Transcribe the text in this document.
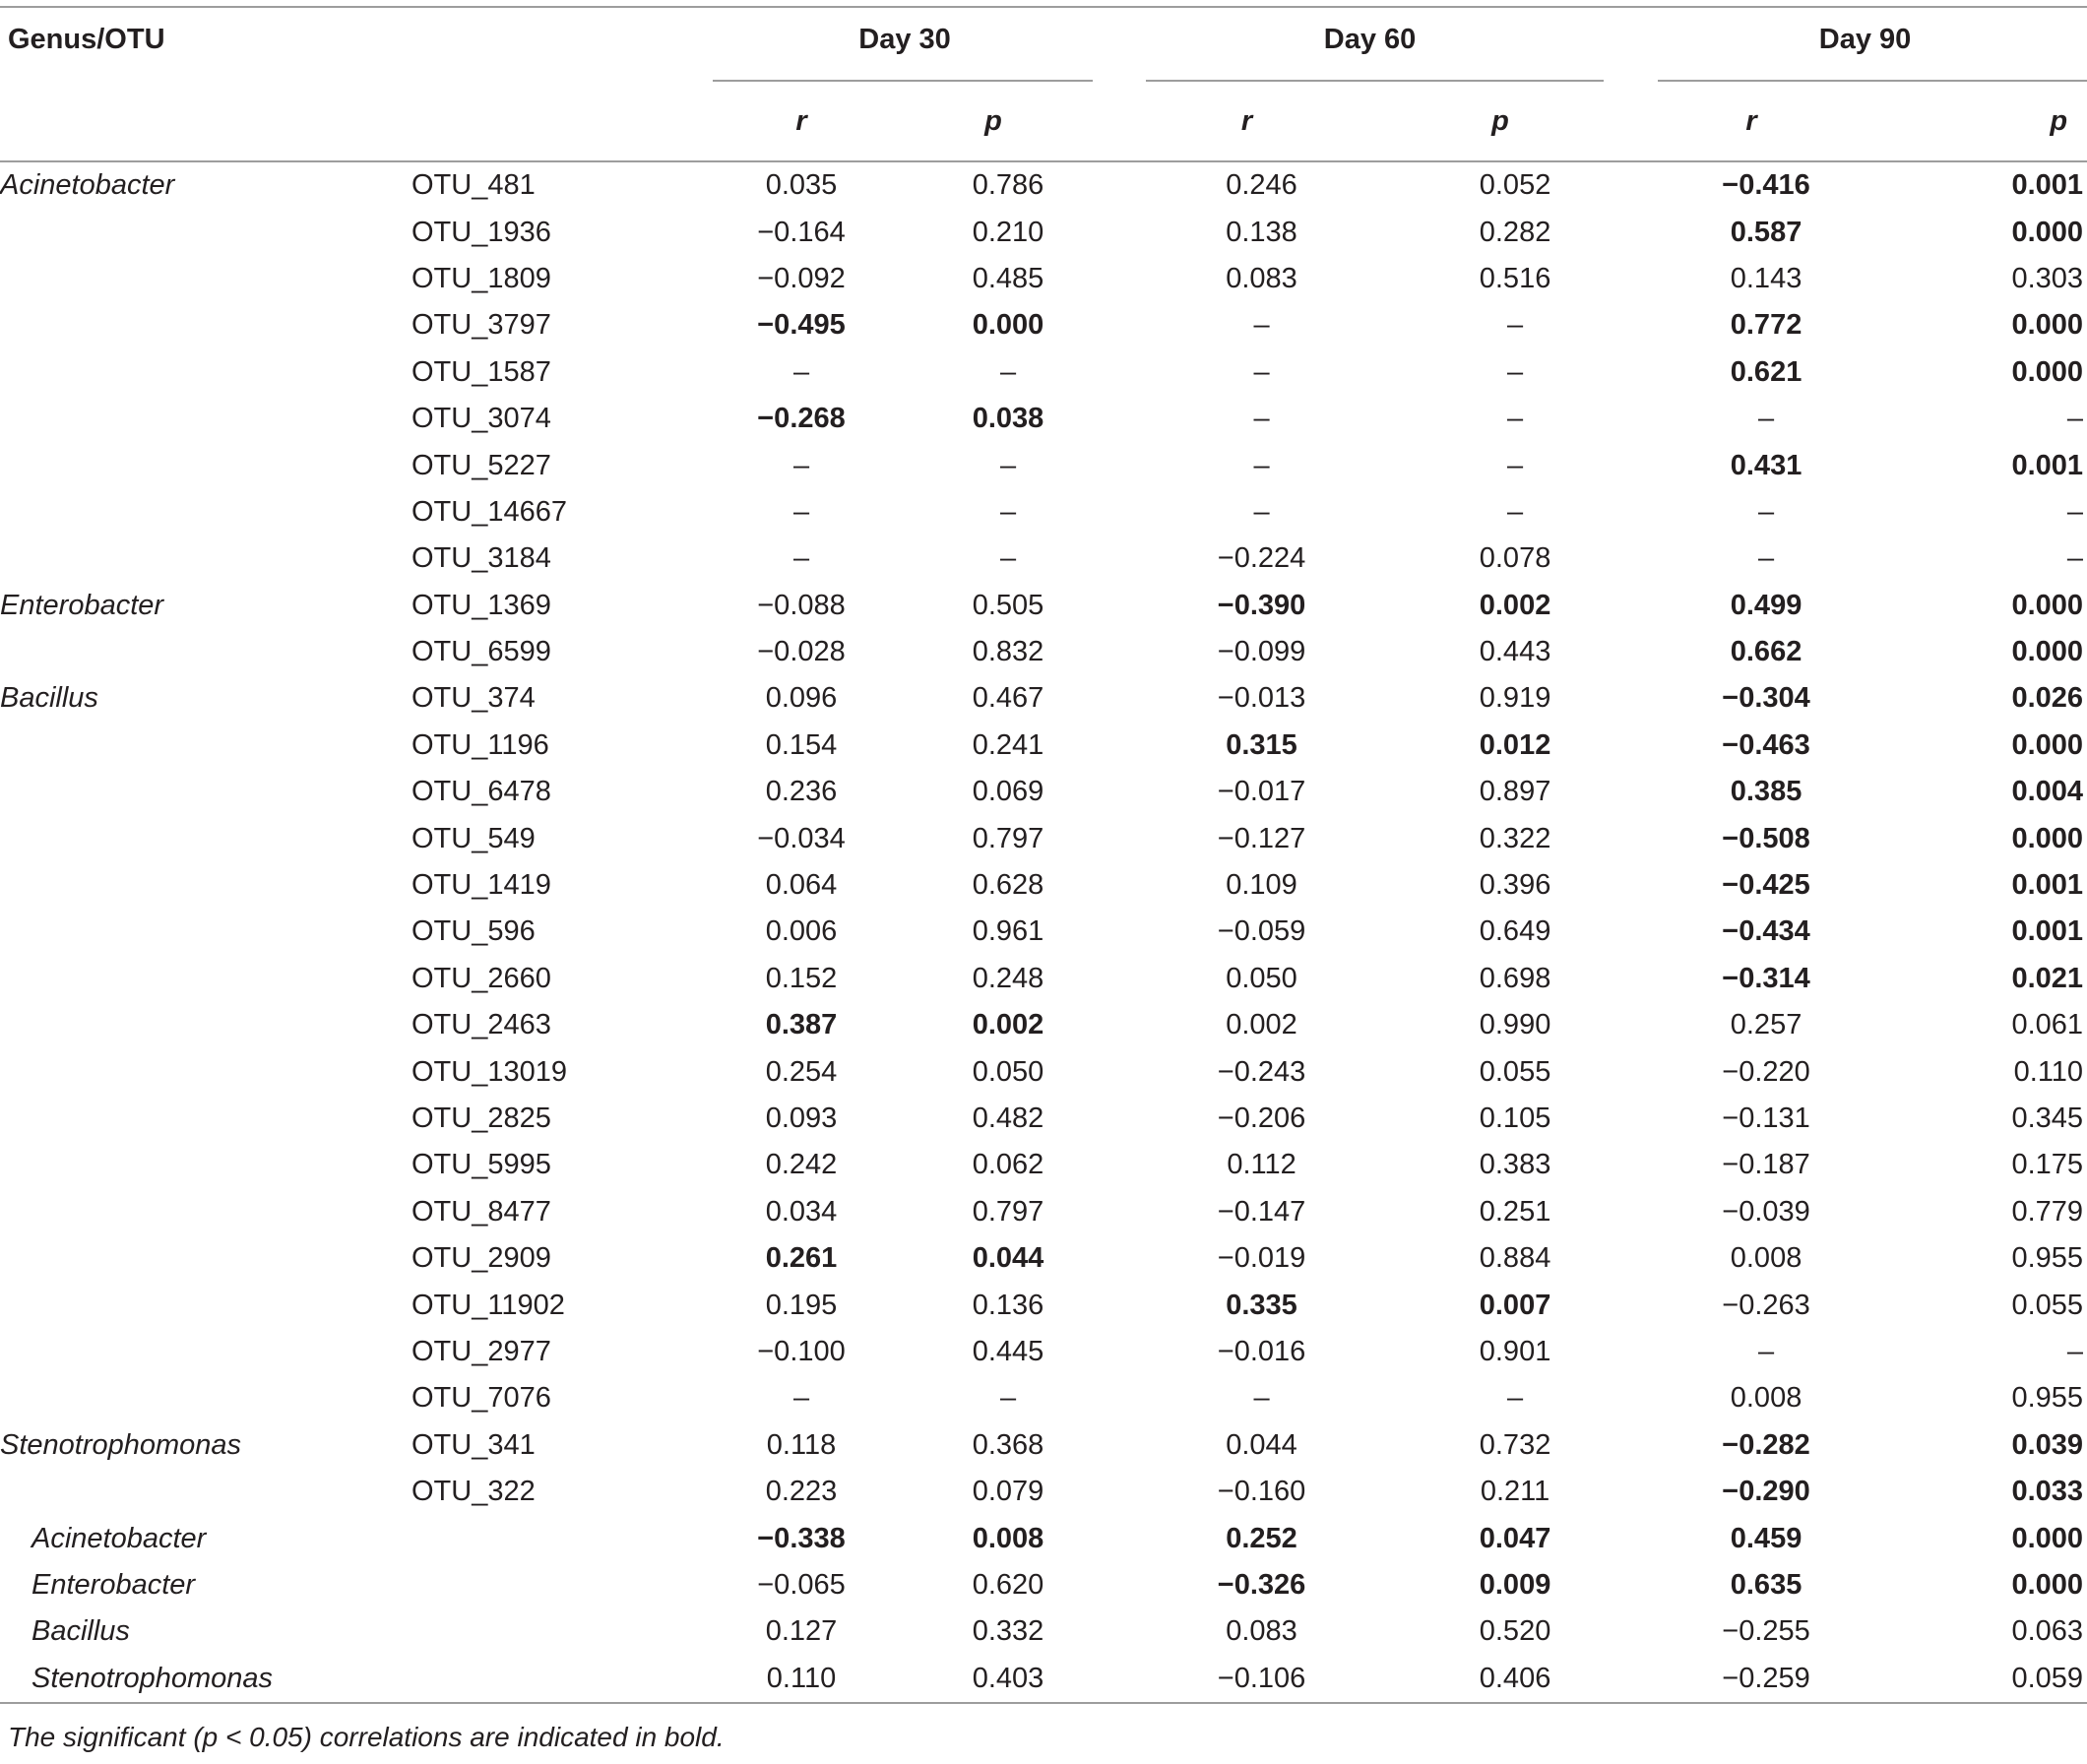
Genus/OTU		Day 30		Day 60		Day 90	

		r	p	r	p	r	p
Acinetobacter	OTU_481	0.035	0.786	0.246	0.052	−0.416	0.001
	OTU_1936	−0.164	0.210	0.138	0.282	0.587	0.000
	OTU_1809	−0.092	0.485	0.083	0.516	0.143	0.303
	OTU_3797	−0.495	0.000	–	–	0.772	0.000
	OTU_1587	–	–	–	–	0.621	0.000
	OTU_3074	−0.268	0.038	–	–	–	–
	OTU_5227	–	–	–	–	0.431	0.001
	OTU_14667	–	–	–	–	–	–
	OTU_3184	–	–	−0.224	0.078	–	–
Enterobacter	OTU_1369	−0.088	0.505	−0.390	0.002	0.499	0.000
	OTU_6599	−0.028	0.832	−0.099	0.443	0.662	0.000
Bacillus	OTU_374	0.096	0.467	−0.013	0.919	−0.304	0.026
	OTU_1196	0.154	0.241	0.315	0.012	−0.463	0.000
	OTU_6478	0.236	0.069	−0.017	0.897	0.385	0.004
	OTU_549	−0.034	0.797	−0.127	0.322	−0.508	0.000
	OTU_1419	0.064	0.628	0.109	0.396	−0.425	0.001
	OTU_596	0.006	0.961	−0.059	0.649	−0.434	0.001
	OTU_2660	0.152	0.248	0.050	0.698	−0.314	0.021
	OTU_2463	0.387	0.002	0.002	0.990	0.257	0.061
	OTU_13019	0.254	0.050	−0.243	0.055	−0.220	0.110
	OTU_2825	0.093	0.482	−0.206	0.105	−0.131	0.345
	OTU_5995	0.242	0.062	0.112	0.383	−0.187	0.175
	OTU_8477	0.034	0.797	−0.147	0.251	−0.039	0.779
	OTU_2909	0.261	0.044	−0.019	0.884	0.008	0.955
	OTU_11902	0.195	0.136	0.335	0.007	−0.263	0.055
	OTU_2977	−0.100	0.445	−0.016	0.901	–	–
	OTU_7076	–	–	–	–	0.008	0.955
Stenotrophomonas	OTU_341	0.118	0.368	0.044	0.732	−0.282	0.039
	OTU_322	0.223	0.079	−0.160	0.211	−0.290	0.033
Acinetobacter		−0.338	0.008	0.252	0.047	0.459	0.000
Enterobacter		−0.065	0.620	−0.326	0.009	0.635	0.000
Bacillus		0.127	0.332	0.083	0.520	−0.255	0.063
Stenotrophomonas		0.110	0.403	−0.106	0.406	−0.259	0.059
The significant (p < 0.05) correlations are indicated in bold.
